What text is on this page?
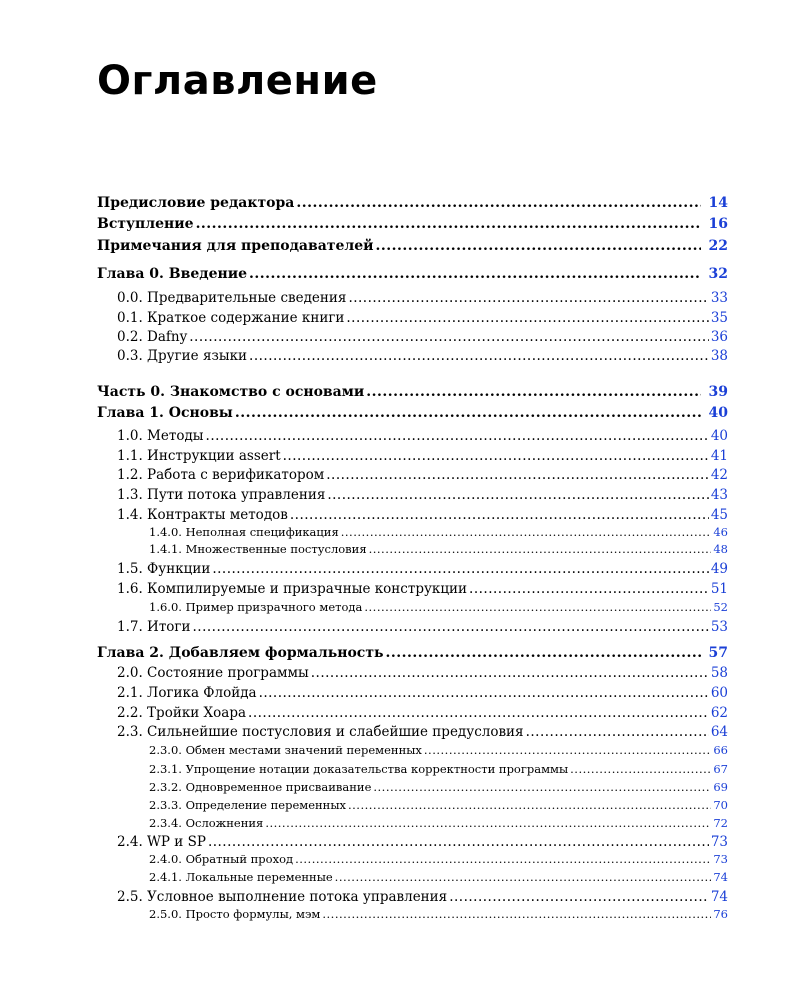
Оглавление
Предисловие редактора .....	14
Вступление .....	16
Примечания для преподавателей .....	22
Глава 0. Введение .....	32
0.0. Предварительные сведения .....	33
0.1. Краткое содержание книги .....	35
0.2. Dafny .....	36
0.3. Другие языки .....	38
Часть 0. Знакомство с основами .....	39
Глава 1. Основы .....	40
1.0. Методы .....	40
1.1. Инструкции assert .....	41
1.2. Работа с верификатором .....	42
1.3. Пути потока управления .....	43
1.4. Контракты методов .....	45
1.4.0. Неполная спецификация .....	46
1.4.1. Множественные постусловия .....	48
1.5. Функции .....	49
1.6. Компилируемые и призрачные конструкции .....	51
1.6.0. Пример призрачного метода .....	52
1.7. Итоги .....	53
Глава 2. Добавляем формальность .....	57
2.0. Состояние программы .....	58
2.1. Логика Флойда .....	60
2.2. Тройки Хоара .....	62
2.3. Сильнейшие постусловия и слабейшие предусловия .....	64
2.3.0. Обмен местами значений переменных .....	66
2.3.1. Упрощение нотации доказательства корректности программы .....	67
2.3.2. Одновременное присваивание .....	69
2.3.3. Определение переменных .....	70
2.3.4. Осложнения .....	72
2.4. WP и SP .....	73
2.4.0. Обратный проход .....	73
2.4.1. Локальные переменные .....	74
2.5. Условное выполнение потока управления .....	74
2.5.0. Просто формулы, мэм .....	76
